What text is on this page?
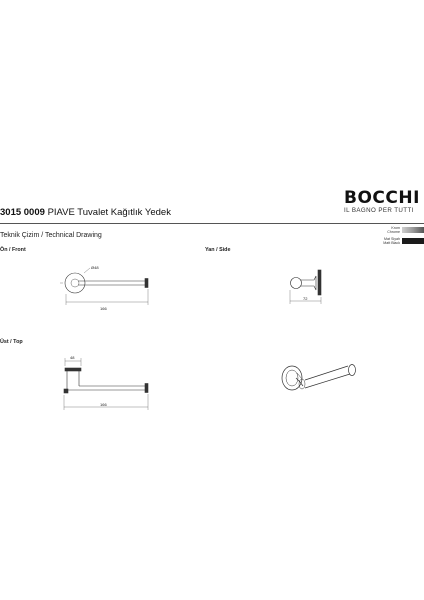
BOCCHI
IL BAGNO PER TUTTI
3015 0009 PIAVE Tuvalet Kağıtlık Yedek
Teknik Çizim / Technical Drawing
Krom
Chrome
Mat Siyah
Matt Black
Ön / Front	Yan / Side
Üst / Top
Ø48
166
72
48
166
